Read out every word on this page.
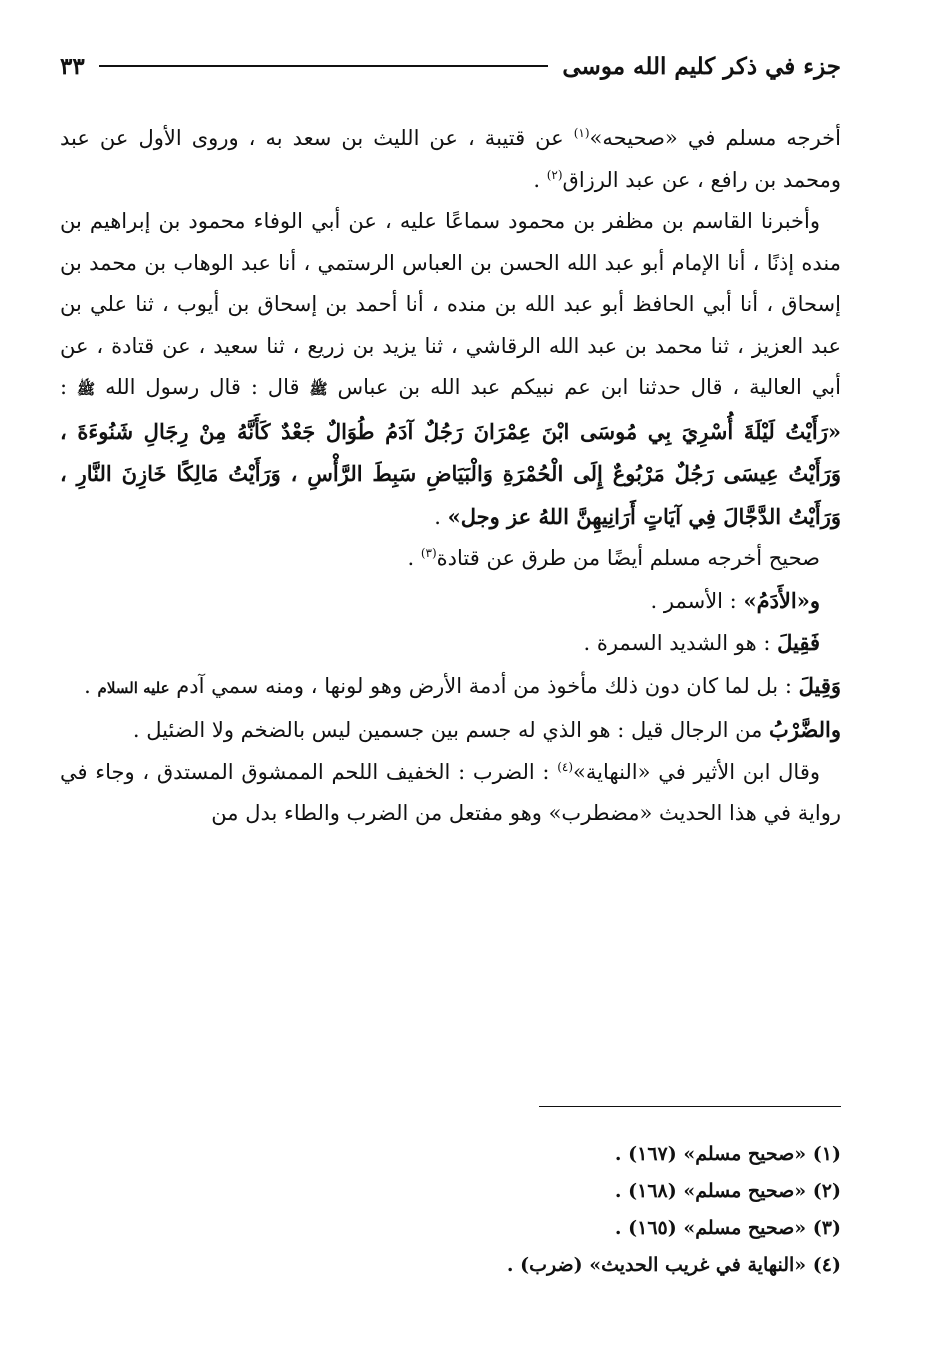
جزء في ذكر كليم الله موسى
٣٣

أخرجه مسلم في «صحيحه»$^{(١)}$ عن قتيبة ، عن الليث بن سعد به ، وروى الأول عن عبد ومحمد بن رافع ، عن عبد الرزاق$^{(٢)}$ .

 وأخبرنا القاسم بن مظفر بن محمود سماعًا عليه ، عن أبي الوفاء محمود بن إبراهيم بن منده إذنًا ، أنا الإمام أبو عبد الله الحسن بن العباس الرستمي ، أنا عبد الوهاب بن محمد بن إسحاق ، أنا أبي الحافظ أبو عبد الله بن منده ، أنا أحمد بن إسحاق بن أيوب ، ثنا علي بن عبد العزيز ، ثنا محمد بن عبد الله الرقاشي ، ثنا يزيد بن زريع ، ثنا سعيد ، عن قتادة ، عن أبي العالية ، قال حدثنا ابن عم نبيكم عبد الله بن عباس ﷺ قال : قال رسول الله ﷺ : «رَأَيْتُ لَيْلَةَ أُسْرِيَ بِي مُوسَى ابْنَ عِمْرَانَ رَجُلٌ آدَمُ طُوَالٌ جَعْدٌ كَأَنَّهُ مِنْ رِجَالِ شَنُوءَةَ ، وَرَأَيْتُ عِيسَى رَجُلٌ مَرْبُوعٌ إِلَى الْحُمْرَةِ وَالْبَيَاضِ سَبِطَ الرَّأْسِ ، وَرَأَيْتُ مَالِكًا خَازِنَ النَّارِ ، وَرَأَيْتُ الدَّجَّالَ فِي آيَاتٍ أَرَانِيهِنَّ اللهُ عز وجل» .

 صحيح أخرجه مسلم أيضًا من طرق عن قتادة$^{(٣)}$ .

 و«الأَدَمُ» : الأسمر .

 فَقِيلَ : هو الشديد السمرة .

وَقِيلَ : بل لما كان دون ذلك مأخوذ من أدمة الأرض وهو لونها ، ومنه سمي آدم عليه السلام .

والضَّرْبُ من الرجال قيل : هو الذي له جسم بين جسمين ليس بالضخم ولا الضئيل .

 وقال ابن الأثير في «النهاية»$^{(٤)}$ : الضرب : الخفيف اللحم الممشوق المستدق ، وجاء في رواية في هذا الحديث «مضطرب» وهو مفتعل من الضرب والطاء بدل من

(١) «صحيح مسلم» (١٦٧) .

(٢) «صحيح مسلم» (١٦٨) .

(٣) «صحيح مسلم» (١٦٥) .

(٤) «النهاية في غريب الحديث» (ضرب) .
